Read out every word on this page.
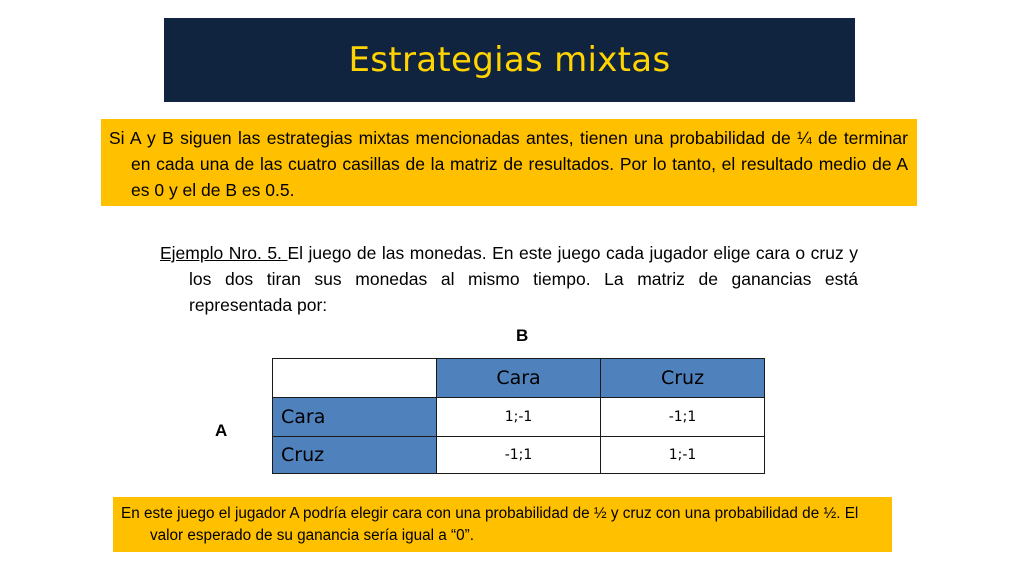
Estrategias mixtas

Si A y B siguen las estrategias mixtas mencionadas antes, tienen una probabilidad de ¼ de terminar en cada una de las cuatro casillas de la matriz de resultados. Por lo tanto, el resultado medio de A es 0 y el de B es 0.5.

Ejemplo Nro. 5. El juego de las monedas. En este juego cada jugador elige cara o cruz y los dos tiran sus monedas al mismo tiempo. La matriz de ganancias está representada por:

B
A
	Cara	Cruz
Cara	1;-1	-1;1
Cruz	-1;1	1;-1

En este juego el jugador A podría elegir cara con una probabilidad de ½ y cruz con una probabilidad de ½. El valor esperado de su ganancia sería igual a “0”.
